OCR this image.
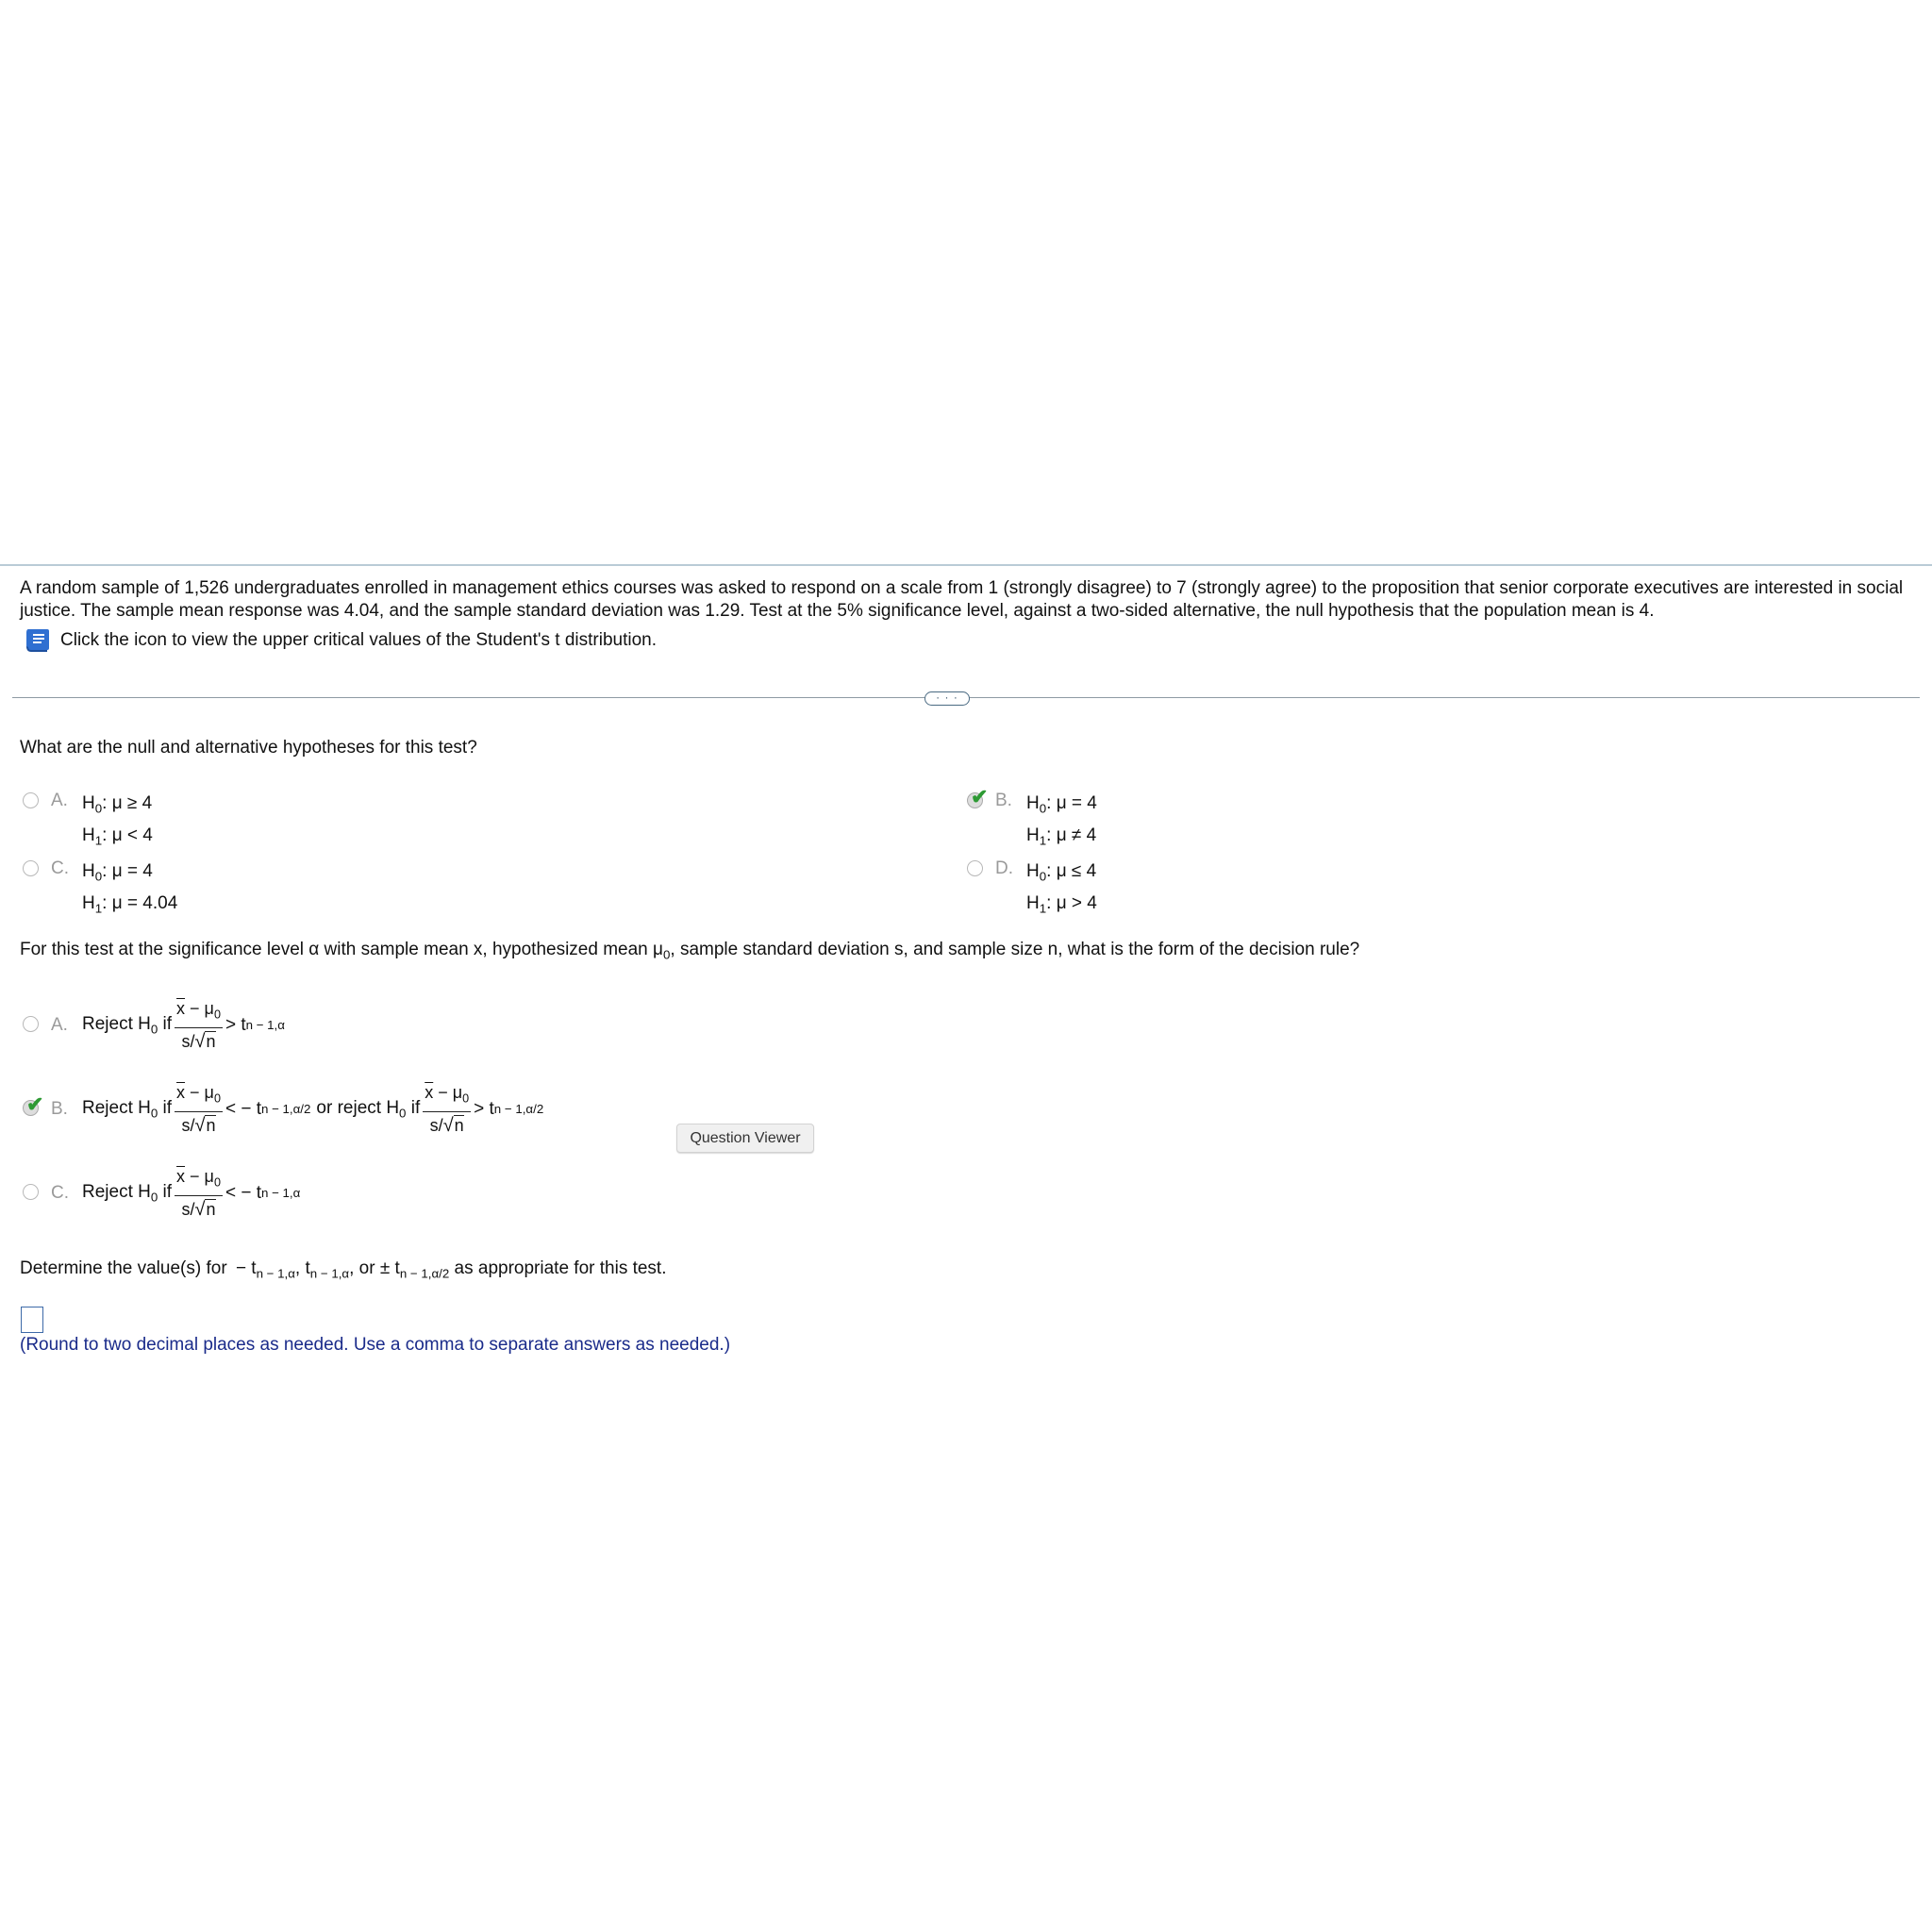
A random sample of 1,526 undergraduates enrolled in management ethics courses was asked to respond on a scale from 1 (strongly disagree) to 7 (strongly agree) to the proposition that senior corporate executives are interested in social justice. The sample mean response was 4.04, and the sample standard deviation was 1.29. Test at the 5% significance level, against a two-sided alternative, the null hypothesis that the population mean is 4.
Click the icon to view the upper critical values of the Student's t distribution.
· · ·
What are the null and alternative hypotheses for this test?
A. $H_0$: μ ≥ 4
$H_1$: μ < 4
✔ B. $H_0$: μ = 4
$H_1$: μ ≠ 4
C. $H_0$: μ = 4
$H_1$: μ = 4.04
D. $H_0$: μ ≤ 4
$H_1$: μ > 4
For this test at the significance level α with sample mean x, hypothesized mean $\mu_0$, sample standard deviation s, and sample size n, what is the form of the decision rule?
A. Reject $H_0$ if $\frac{\overline{x} - \mu_0}{s/√n} > t$ n − 1,α
✔ B. Reject $H_0$ if $\frac{\overline{x} - \mu_0}{s/√n}$ < − t n − 1,α/2 or reject $H_0$ if $\frac{\overline{x} - \mu_0}{s/√n} > t$ n − 1,α/2
Question Viewer
C. Reject $H_0$ if $\frac{\overline{x} - \mu_0}{s/√n}$ < − t n − 1,α
Determine the value(s) for − $t_{n - 1,\alpha}$, $t_{n - 1,\alpha}$, or ± $t_{n - 1,\alpha/2}$ as appropriate for this test.
(Round to two decimal places as needed. Use a comma to separate answers as needed.)
